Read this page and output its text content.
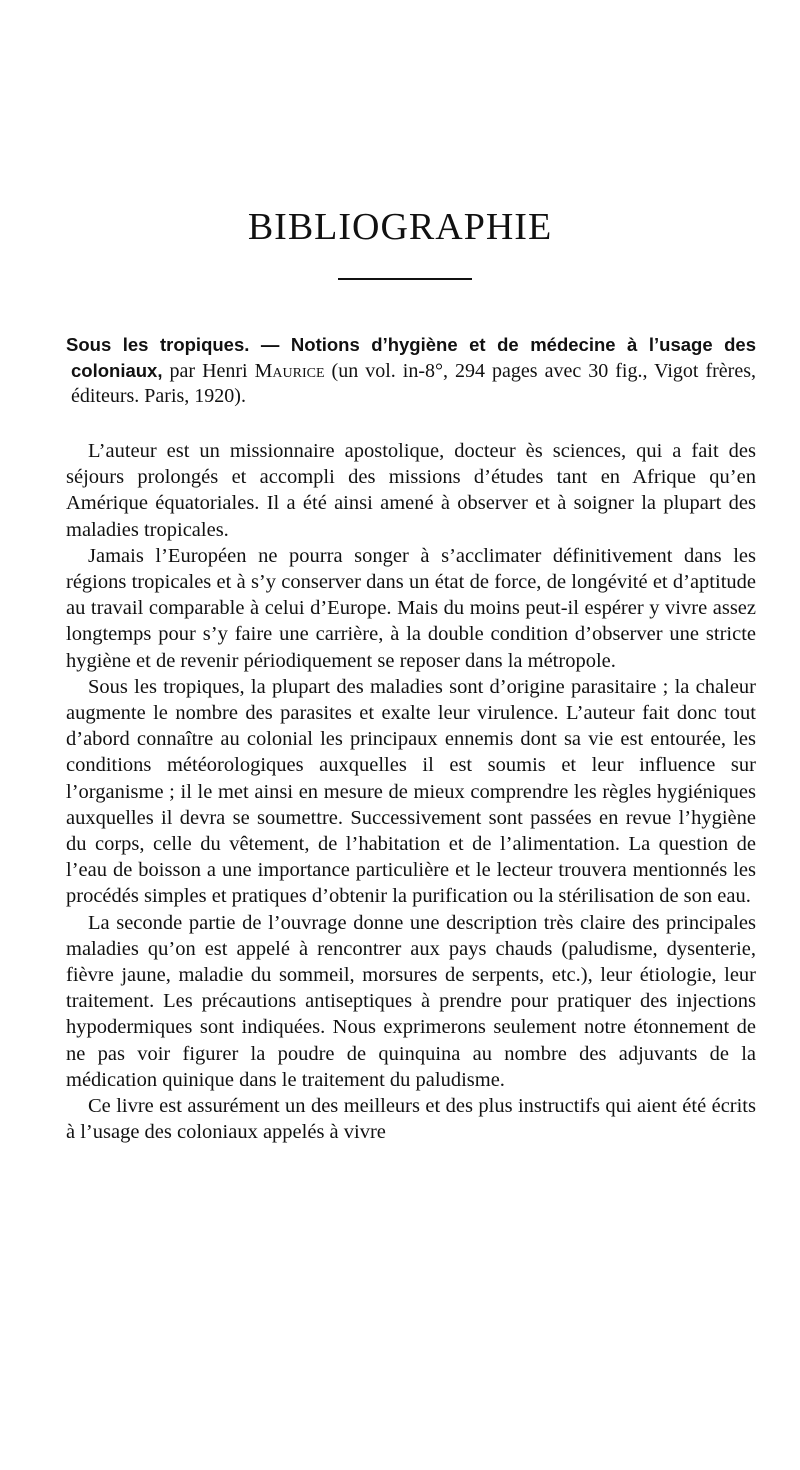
BIBLIOGRAPHIE
Sous les tropiques. — Notions d’hygiène et de médecine à l’usage des coloniaux, par Henri Maurice (un vol. in-8°, 294 pages avec 30 fig., Vigot frères, éditeurs. Paris, 1920).

L’auteur est un missionnaire apostolique, docteur ès sciences, qui a fait des séjours prolongés et accompli des missions d’études tant en Afrique qu’en Amérique équatoriales. Il a été ainsi amené à observer et à soigner la plupart des maladies tropicales.

Jamais l’Européen ne pourra songer à s’acclimater définitivement dans les régions tropicales et à s’y conserver dans un état de force, de longévité et d’aptitude au travail comparable à celui d’Europe. Mais du moins peut-il espérer y vivre assez longtemps pour s’y faire une carrière, à la double condition d’observer une stricte hygiène et de revenir périodiquement se reposer dans la métropole.

Sous les tropiques, la plupart des maladies sont d’origine parasitaire ; la chaleur augmente le nombre des parasites et exalte leur virulence. L’auteur fait donc tout d’abord connaître au colonial les principaux ennemis dont sa vie est entourée, les conditions météorologiques auxquelles il est soumis et leur influence sur l’organisme ; il le met ainsi en mesure de mieux comprendre les règles hygiéniques auxquelles il devra se soumettre. Successivement sont passées en revue l’hygiène du corps, celle du vêtement, de l’habitation et de l’alimentation. La question de l’eau de boisson a une importance particulière et le lecteur trouvera mentionnés les procédés simples et pratiques d’obtenir la purification ou la stérilisation de son eau.

La seconde partie de l’ouvrage donne une description très claire des principales maladies qu’on est appelé à rencontrer aux pays chauds (paludisme, dysenterie, fièvre jaune, maladie du sommeil, morsures de serpents, etc.), leur étiologie, leur traitement. Les précautions antiseptiques à prendre pour pratiquer des injections hypodermiques sont indiquées. Nous exprimerons seulement notre étonnement de ne pas voir figurer la poudre de quinquina au nombre des adjuvants de la médication quinique dans le traitement du paludisme.

Ce livre est assurément un des meilleurs et des plus instructifs qui aient été écrits à l’usage des coloniaux appelés à vivre
